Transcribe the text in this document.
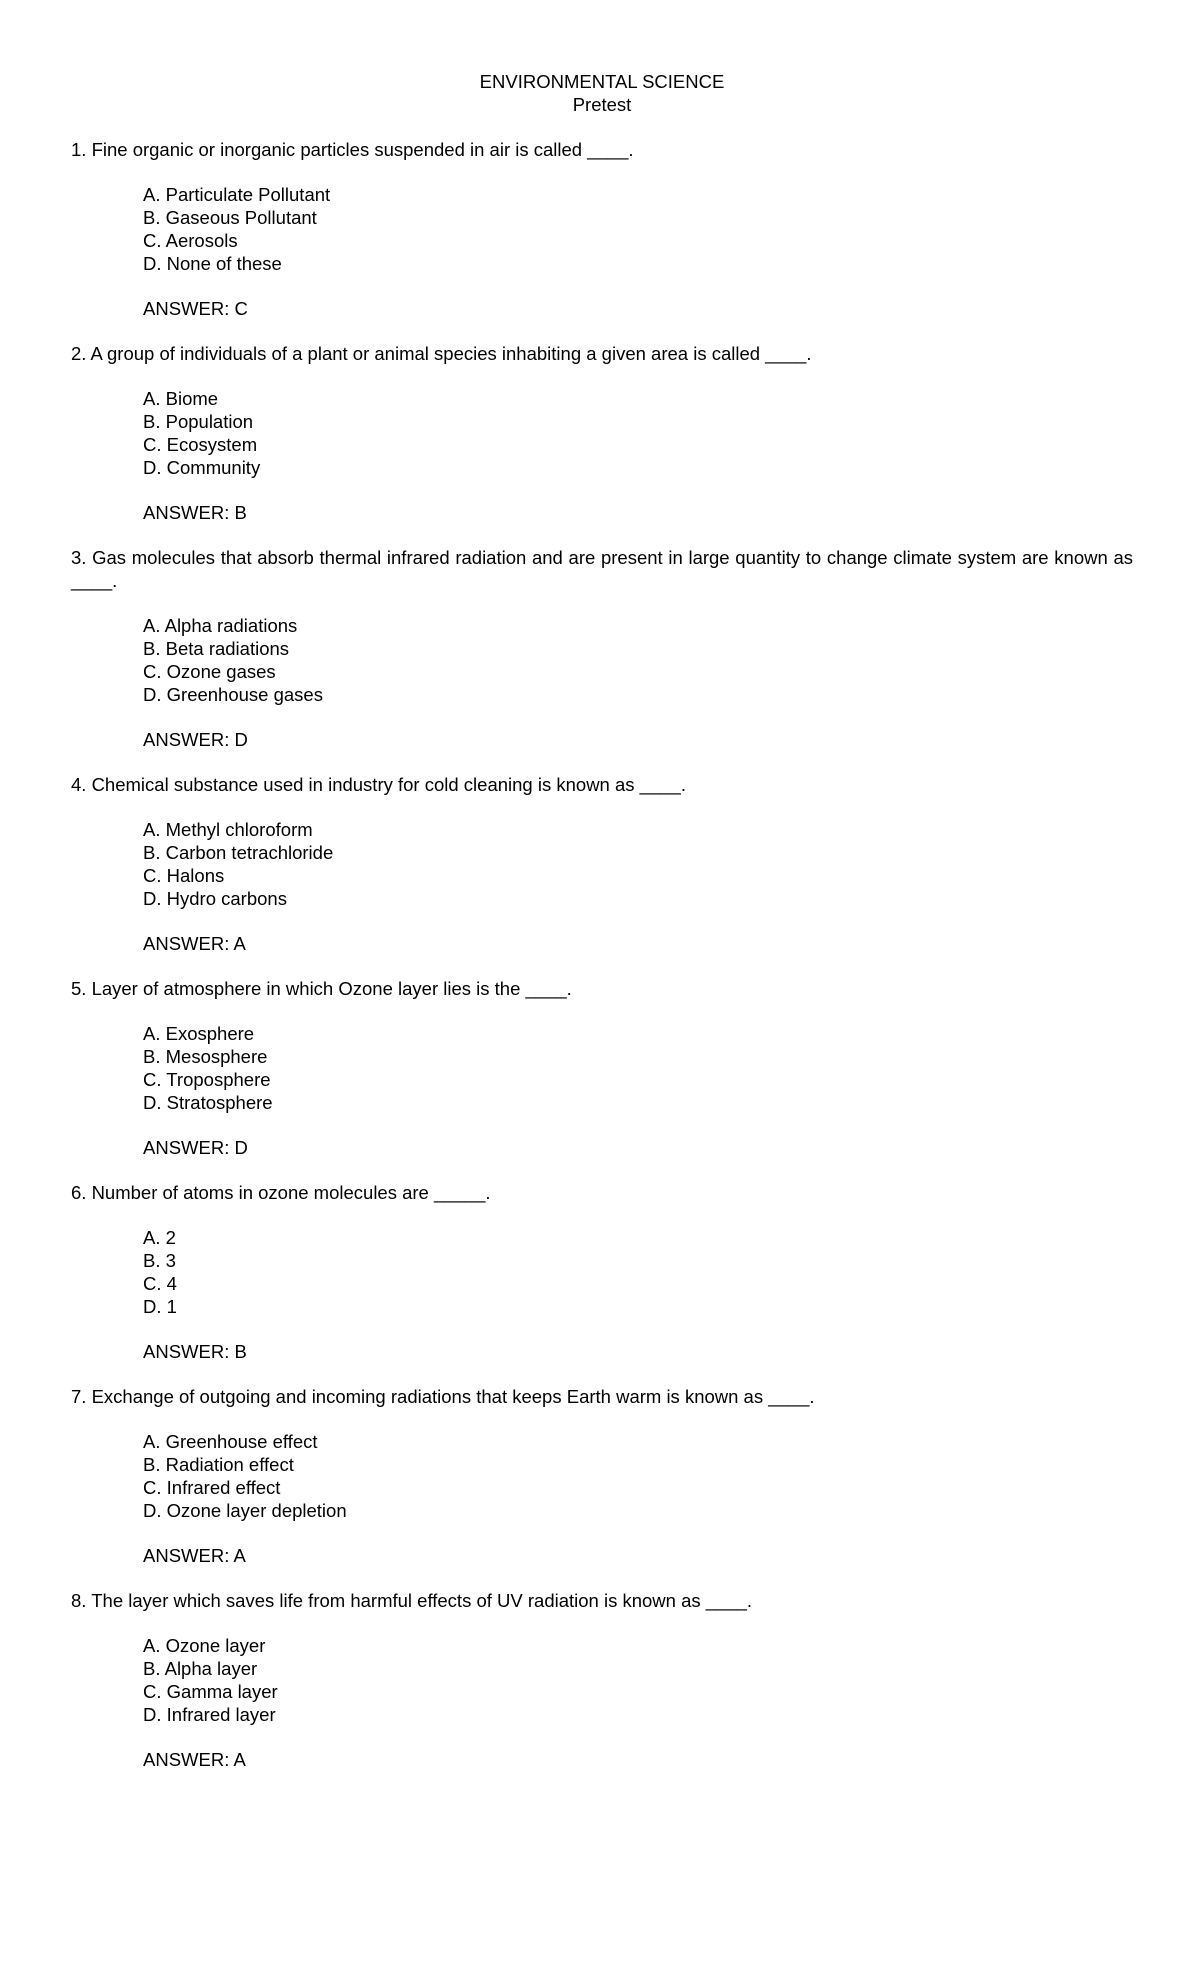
ENVIRONMENTAL SCIENCE
Pretest
1. Fine organic or inorganic particles suspended in air is called ____.
A. Particulate Pollutant
B. Gaseous Pollutant
C. Aerosols
D. None of these
ANSWER: C
2. A group of individuals of a plant or animal species inhabiting a given area is called ____.
A. Biome
B. Population
C. Ecosystem
D. Community
ANSWER: B
3. Gas molecules that absorb thermal infrared radiation and are present in large quantity to change climate system are known as ____.
A. Alpha radiations
B. Beta radiations
C. Ozone gases
D. Greenhouse gases
ANSWER: D
4. Chemical substance used in industry for cold cleaning is known as ____.
A. Methyl chloroform
B. Carbon tetrachloride
C. Halons
D. Hydro carbons
ANSWER: A
5. Layer of atmosphere in which Ozone layer lies is the ____.
A. Exosphere
B. Mesosphere
C. Troposphere
D. Stratosphere
ANSWER: D
6. Number of atoms in ozone molecules are _____.
A. 2
B. 3
C. 4
D. 1
ANSWER: B
7. Exchange of outgoing and incoming radiations that keeps Earth warm is known as ____.
A. Greenhouse effect
B. Radiation effect
C. Infrared effect
D. Ozone layer depletion
ANSWER: A
8. The layer which saves life from harmful effects of UV radiation is known as ____.
A. Ozone layer
B. Alpha layer
C. Gamma layer
D. Infrared layer
ANSWER: A
